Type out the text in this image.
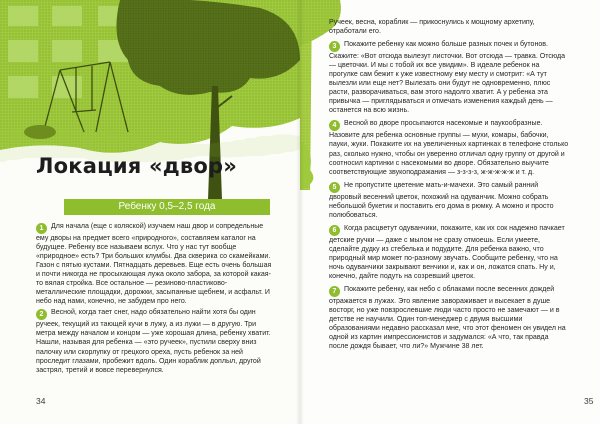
Локация «двор»
Ребенку 0,5–2,5 года

1 Для начала (еще с коляской) изучаем наш двор и сопредельные ему дворы на предмет всего «природного», составляем каталог на будущее. Ребенку все называем вслух. Что у нас тут вообще «природное» есть? Три больших клумбы. Два скверика со скамейками. Газон с пятью кустами. Пятнадцать деревьев. Еще есть очень большая и почти никогда не просыхающая лужа около забора, за которой какая-то вялая стройка. Все остальное — резиново-пластиково-металлические площадки, дорожки, засыпанные щебнем, и асфальт. И небо над нами, конечно, не забудем про него.

2 Весной, когда тает снег, надо обязательно найти хотя бы один ручеек, текущий из тающей кучи в лужу, а из лужи — в другую. Три метра между началом и концом — уже хорошая длина, ребенку хватит. Нашли, называя для ребенка — «это ручеек», пустили сверху вниз палочку или скорлупку от грецкого ореха, пусть ребенок за ней проследит глазами, пробежит вдоль. Один кораблик доплыл, другой застрял, третий и вовсе перевернулся.

34

Ручеек, весна, кораблик — прикоснулись к мощному архетипу, отработали его.

3 Покажите ребенку как можно больше разных почек и бутонов. Скажите: «Вот отсюда вылезут листочки. Вот отсюда — травка. Отсюда — цветочки. И мы с тобой их все увидим». В идеале ребенок на прогулке сам бежит к уже известному ему месту и смотрит: «А тут вылезли или еще нет? Вылезать они будут не одновременно, плюс расти, разворачиваться, вам этого надолго хватит. А у ребенка эта привычка — приглядываться и отмечать изменения каждый день — останется на всю жизнь.

4 Весной во дворе просыпаются насекомые и паукообразные. Назовите для ребенка основные группы — мухи, комары, бабочки, пауки, жуки. Покажите их на увеличенных картинках в телефоне столько раз, сколько нужно, чтобы он уверенно отличал одну группу от другой и соотносил картинки с насекомыми во дворе. Обязательно выучите соответствующие звукоподражания — з-з-з-з, ж-ж-ж-ж-ж и т. д.

5 Не пропустите цветение мать-и-мачехи. Это самый ранний дворовый весенний цветок, похожий на одуванчик. Можно собрать небольшой букетик и поставить его дома в рюмку. А можно и просто полюбоваться.

6 Когда расцветут одуванчики, покажите, как их сок надежно пачкает детские ручки — даже с мылом не сразу отмоешь. Если умеете, сделайте дудку из стебелька и подудите. Для ребенка важно, что природный мир может по-разному звучать. Сообщите ребенку, что на ночь одуванчики закрывают венчики и, как и он, ложатся спать. Ну и, конечно, дайте подуть на созревший цветок.

7 Покажите ребенку, как небо с облаками после весенних дождей отражается в лужах. Это явление завораживает и высекает в душе восторг, но уже повзрослевшие люди часто просто не замечают — и в детстве не научили. Один топ-менеджер с двумя высшими образованиями недавно рассказал мне, что этот феномен он увидел на одной из картин импрессионистов и задумался: «А что, так правда после дождя бывает, что ли?» Мужчине 38 лет.

35
